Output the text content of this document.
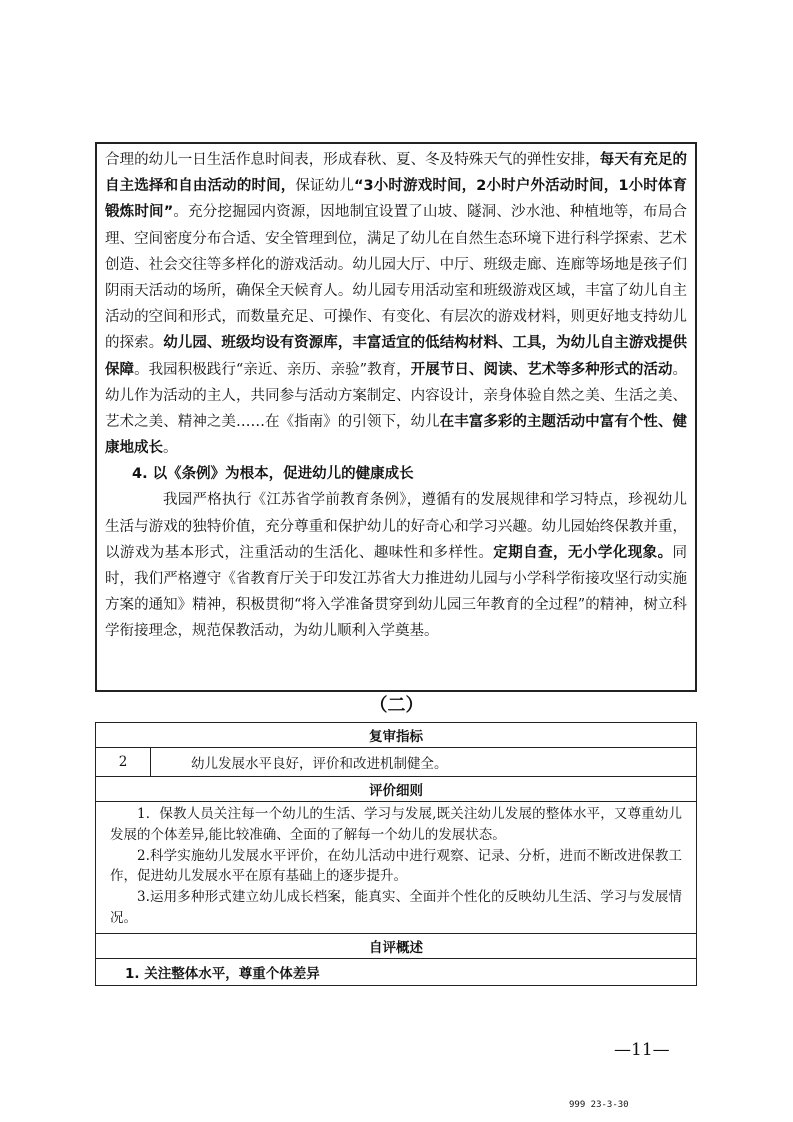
合理的幼儿一日生活作息时间表，形成春秋、夏、冬及特殊天气的弹性安排，每天有充足的自主选择和自由活动的时间，保证幼儿“3小时游戏时间，2小时户外活动时间，1小时体育锻炼时间”。充分挖掘园内资源，因地制宜设置了山坡、隧洞、沙水池、种植地等，布局合理、空间密度分布合适、安全管理到位，满足了幼儿在自然生态环境下进行科学探索、艺术创造、社会交往等多样化的游戏活动。幼儿园大厅、中厅、班级走廊、连廊等场地是孩子们阴雨天活动的场所，确保全天候育人。幼儿园专用活动室和班级游戏区域，丰富了幼儿自主活动的空间和形式，而数量充足、可操作、有变化、有层次的游戏材料，则更好地支持幼儿的探索。幼儿园、班级均设有资源库，丰富适宜的低结构材料、工具，为幼儿自主游戏提供保障。我园积极践行“亲近、亲历、亲验”教育，开展节日、阅读、艺术等多种形式的活动。幼儿作为活动的主人，共同参与活动方案制定、内容设计，亲身体验自然之美、生活之美、艺术之美、精神之美……在《指南》的引领下，幼儿在丰富多彩的主题活动中富有个性、健康地成长。

4. 以《条例》为根本，促进幼儿的健康成长

我园严格执行《江苏省学前教育条例》，遵循有的发展规律和学习特点，珍视幼儿生活与游戏的独特价值，充分尊重和保护幼儿的好奇心和学习兴趣。幼儿园始终保教并重，以游戏为基本形式，注重活动的生活化、趣味性和多样性。定期自查，无小学化现象。同时，我们严格遵守《省教育厅关于印发江苏省大力推进幼儿园与小学科学衔接攻坚行动实施方案的通知》精神，积极贯彻“将入学准备贯穿到幼儿园三年教育的全过程”的精神，树立科学衔接理念，规范保教活动，为幼儿顺利入学奠基。

（二）
复审指标
2	幼儿发展水平良好，评价和改进机制健全。
评价细则

1．保教人员关注每一个幼儿的生活、学习与发展,既关注幼儿发展的整体水平，又尊重幼儿发展的个体差异,能比较准确、全面的了解每一个幼儿的发展状态。

2.科学实施幼儿发展水平评价，在幼儿活动中进行观察、记录、分析，进而不断改进保教工作，促进幼儿发展水平在原有基础上的逐步提升。

3.运用多种形式建立幼儿成长档案，能真实、全面并个性化的反映幼儿生活、学习与发展情况。

自评概述
1. 关注整体水平，尊重个体差异
—11—
999 23-3-30
